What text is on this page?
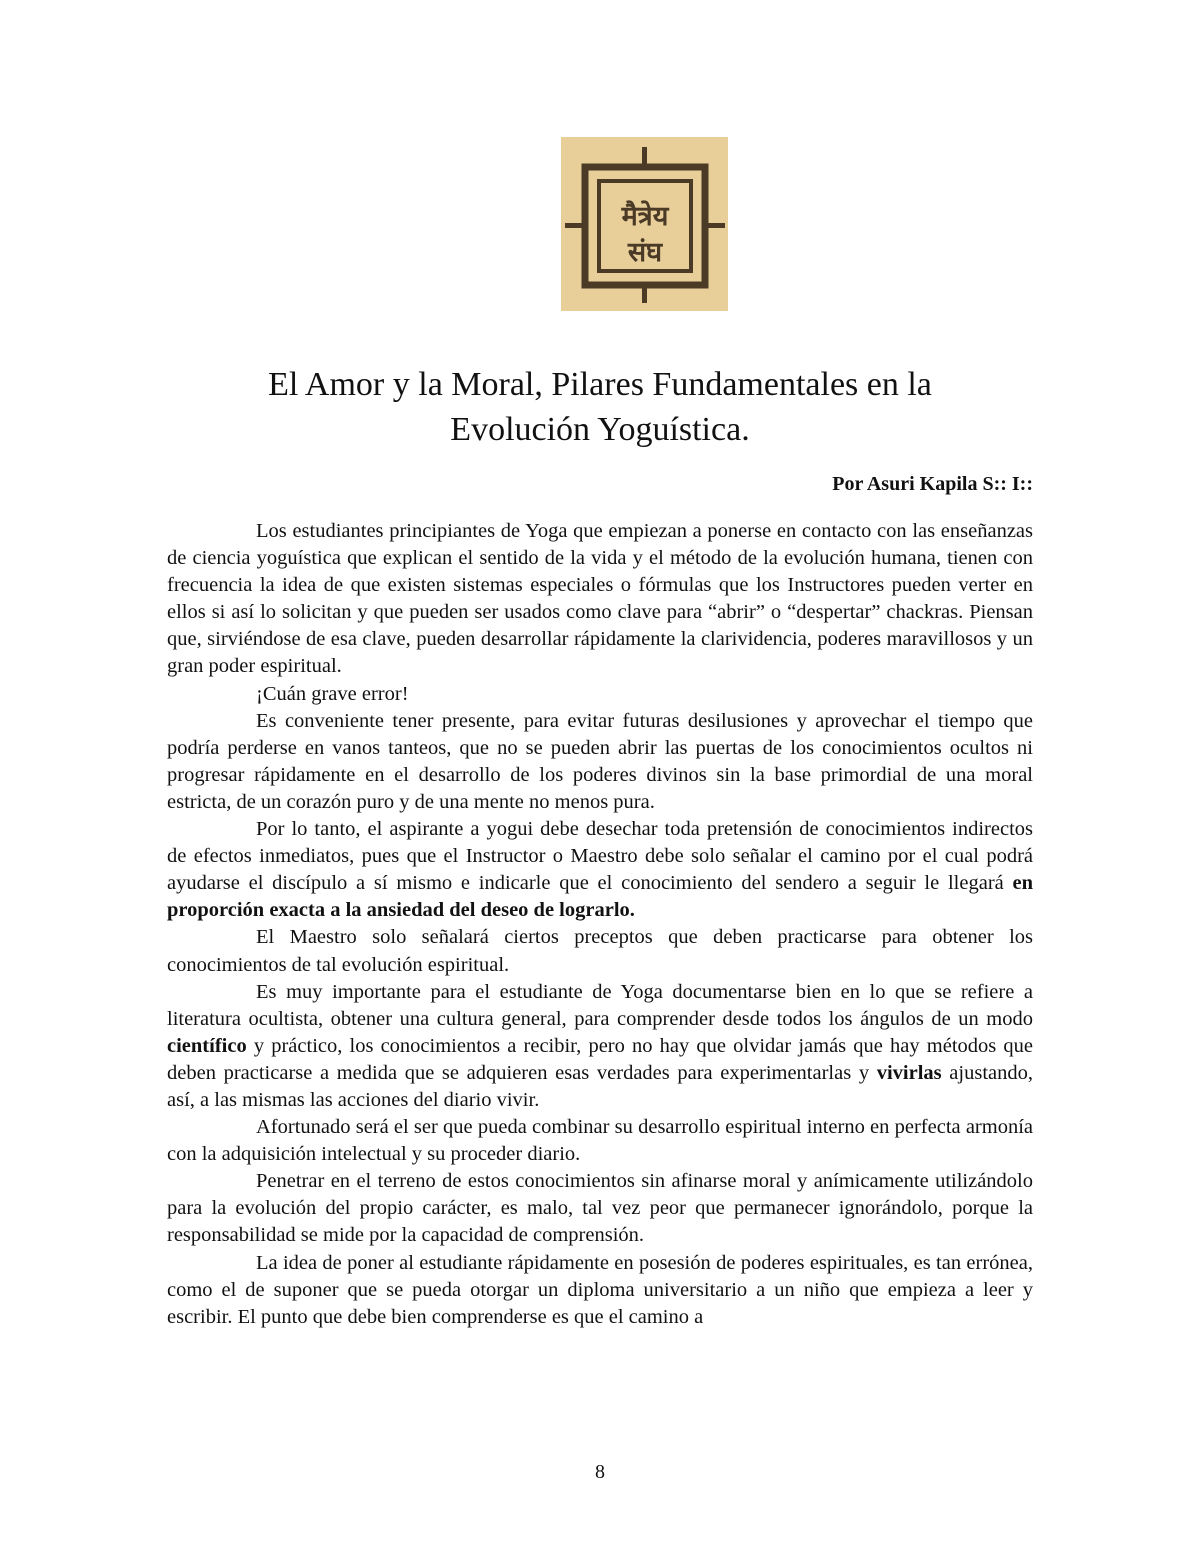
मैत्रेय
संघ
El Amor y la Moral, Pilares Fundamentales en la
Evolución Yoguística.

Por Asuri Kapila S:: I::

Los estudiantes principiantes de Yoga que empiezan a ponerse en contacto con las enseñanzas de ciencia yoguística que explican el sentido de la vida y el método de la evolución humana, tienen con frecuencia la idea de que existen sistemas especiales o fórmulas que los Instructores pueden verter en ellos si así lo solicitan y que pueden ser usados como clave para “abrir” o “despertar” chackras. Piensan que, sirviéndose de esa clave, pueden desarrollar rápidamente la clarividencia, poderes maravillosos y un gran poder espiritual.

¡Cuán grave error!

Es conveniente tener presente, para evitar futuras desilusiones y aprovechar el tiempo que podría perderse en vanos tanteos, que no se pueden abrir las puertas de los conocimientos ocultos ni progresar rápidamente en el desarrollo de los poderes divinos sin la base primordial de una moral estricta, de un corazón puro y de una mente no menos pura.

Por lo tanto, el aspirante a yogui debe desechar toda pretensión de conocimientos indirectos de efectos inmediatos, pues que el Instructor o Maestro debe solo señalar el camino por el cual podrá ayudarse el discípulo a sí mismo e indicarle que el conocimiento del sendero a seguir le llegará en proporción exacta a la ansiedad del deseo de lograrlo.

El Maestro solo señalará ciertos preceptos que deben practicarse para obtener los conocimientos de tal evolución espiritual.

Es muy importante para el estudiante de Yoga documentarse bien en lo que se refiere a literatura ocultista, obtener una cultura general, para comprender desde todos los ángulos de un modo científico y práctico, los conocimientos a recibir, pero no hay que olvidar jamás que hay métodos que deben practicarse a medida que se adquieren esas verdades para experimentarlas y vivirlas ajustando, así, a las mismas las acciones del diario vivir.

Afortunado será el ser que pueda combinar su desarrollo espiritual interno en perfecta armonía con la adquisición intelectual y su proceder diario.

Penetrar en el terreno de estos conocimientos sin afinarse moral y anímicamente utilizándolo para la evolución del propio carácter, es malo, tal vez peor que permanecer ignorándolo, porque la responsabilidad se mide por la capacidad de comprensión.

La idea de poner al estudiante rápidamente en posesión de poderes espirituales, es tan errónea, como el de suponer que se pueda otorgar un diploma universitario a un niño que empieza a leer y escribir. El punto que debe bien comprenderse es que el camino a

8
